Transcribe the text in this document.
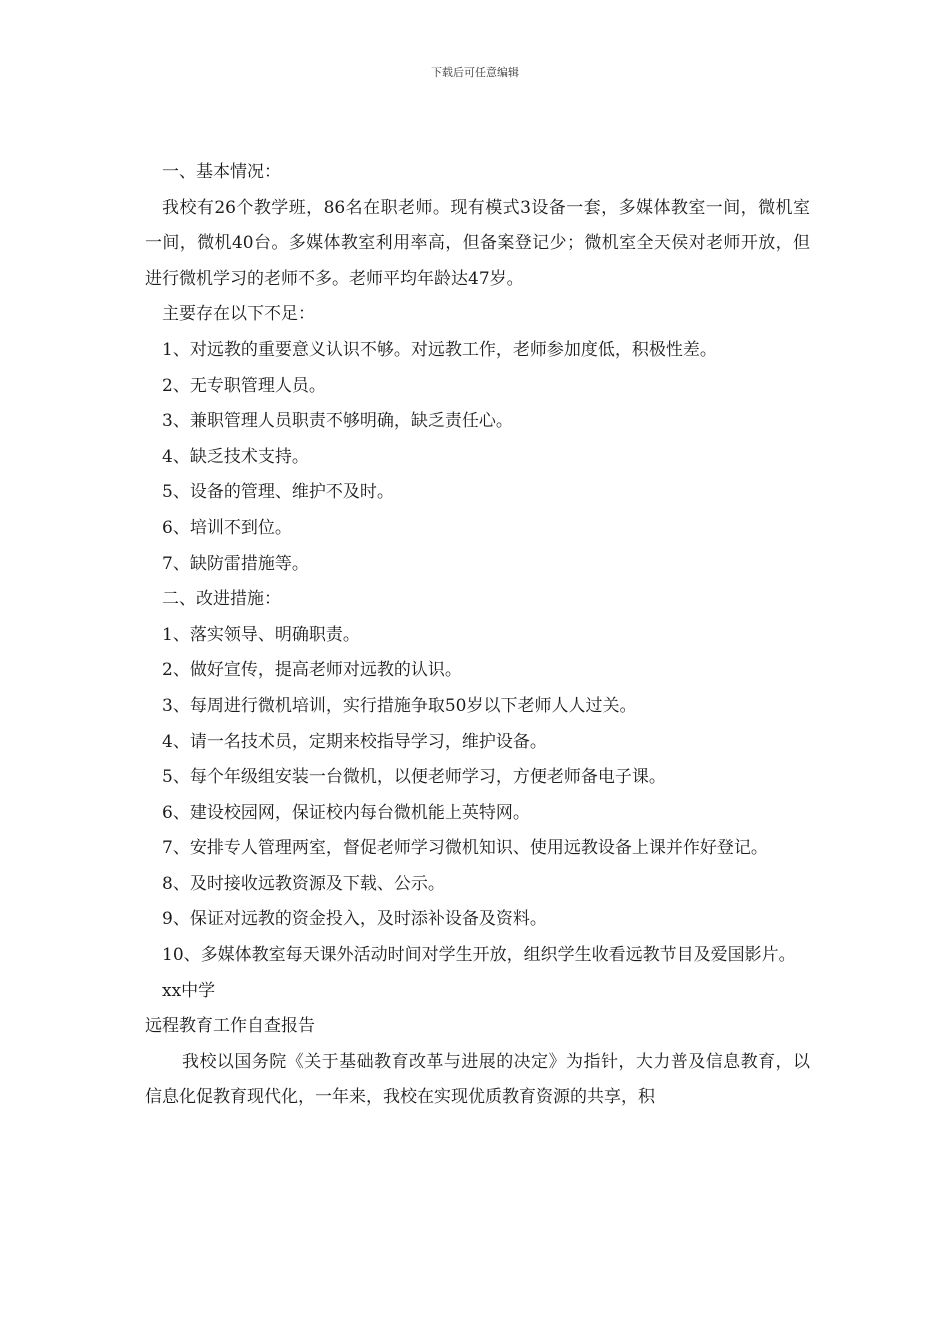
下载后可任意编辑

一、基本情况：

我校有26个教学班，86名在职老师。现有模式3设备一套，多媒体教室一间，微机室一间，微机40台。多媒体教室利用率高，但备案登记少；微机室全天侯对老师开放，但进行微机学习的老师不多。老师平均年龄达47岁。

主要存在以下不足：

1、对远教的重要意义认识不够。对远教工作，老师参加度低，积极性差。

2、无专职管理人员。

3、兼职管理人员职责不够明确，缺乏责任心。

4、缺乏技术支持。

5、设备的管理、维护不及时。

6、培训不到位。

7、缺防雷措施等。

二、改进措施：

1、落实领导、明确职责。

2、做好宣传，提高老师对远教的认识。

3、每周进行微机培训，实行措施争取50岁以下老师人人过关。

4、请一名技术员，定期来校指导学习，维护设备。

5、每个年级组安装一台微机，以便老师学习，方便老师备电子课。

6、建设校园网，保证校内每台微机能上英特网。

7、安排专人管理两室，督促老师学习微机知识、使用远教设备上课并作好登记。

8、及时接收远教资源及下载、公示。

9、保证对远教的资金投入，及时添补设备及资料。

10、多媒体教室每天课外活动时间对学生开放，组织学生收看远教节目及爱国影片。

xx中学

远程教育工作自查报告

我校以国务院《关于基础教育改革与进展的决定》为指针，大力普及信息教育，以信息化促教育现代化，一年来，我校在实现优质教育资源的共享，积
